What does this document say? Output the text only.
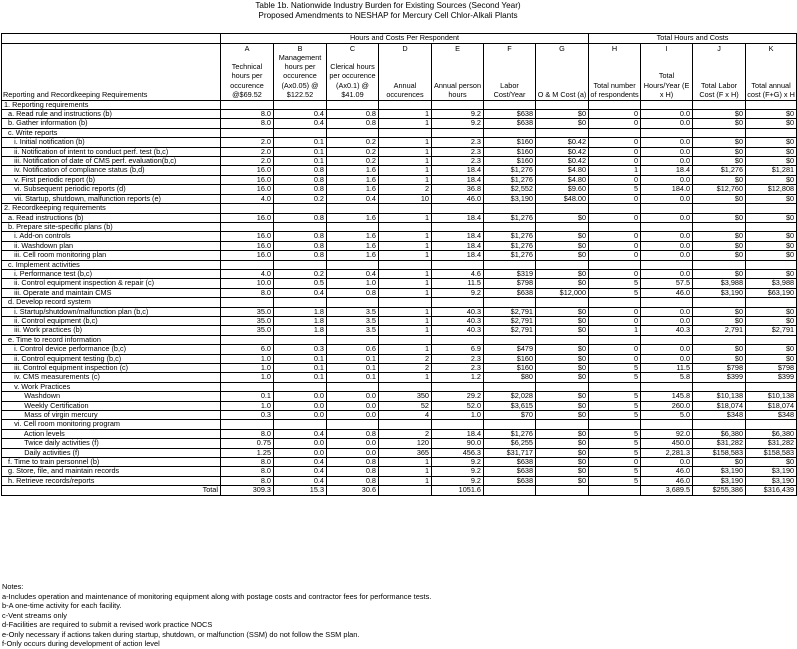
Table 1b. Nationwide Industry Burden for Existing Sources (Second Year)
Proposed Amendments to NESHAP for Mercury Cell Chlor-Alkali Plants
	Hours and Costs Per Respondent							Total Hours and Costs			
	A	B	C	D	E	F	G	H	I	J	K
Reporting and Recordkeeping Requirements	Technical hours per occurence @$69.52	Management hours per occurence (Ax0.05) @ $122.52	Clerical hours per occurence (Ax0.1) @ $41.09	Annual occurences	Annual person hours	Labor Cost/Year	O & M Cost (a)	Total number of respondents	Total Hours/Year (E x H)	Total Labor Cost (F x H)	Total annual cost (F+G) x H
1. Reporting requirements											
a. Read rule and instructions (b)	8.0	0.4	0.8	1	9.2	$638	$0	0	0.0	$0	$0
b. Gather information (b)	8.0	0.4	0.8	1	9.2	$638	$0	0	0.0	$0	$0
c. Write reports											
i. Initial notification (b)	2.0	0.1	0.2	1	2.3	$160	$0.42	0	0.0	$0	$0
ii. Notification of intent to conduct perf. test (b,c)	2.0	0.1	0.2	1	2.3	$160	$0.42	0	0.0	$0	$0
iii. Notification of date of CMS perf. evaluation(b,c)	2.0	0.1	0.2	1	2.3	$160	$0.42	0	0.0	$0	$0
iv. Notification of compliance status (b,d)	16.0	0.8	1.6	1	18.4	$1,276	$4.80	1	18.4	$1,276	$1,281
v. First periodic report (b)	16.0	0.8	1.6	1	18.4	$1,276	$4.80	0	0.0	$0	$0
vi. Subsequent periodic reports (d)	16.0	0.8	1.6	2	36.8	$2,552	$9.60	5	184.0	$12,760	$12,808
vii. Startup, shutdown, malfunction reports (e)	4.0	0.2	0.4	10	46.0	$3,190	$48.00	0	0.0	$0	$0
2. Recordkeeping requirements											
a. Read instructions (b)	16.0	0.8	1.6	1	18.4	$1,276	$0	0	0.0	$0	$0
b. Prepare site-specific plans (b)											
i. Add-on controls	16.0	0.8	1.6	1	18.4	$1,276	$0	0	0.0	$0	$0
ii. Washdown plan	16.0	0.8	1.6	1	18.4	$1,276	$0	0	0.0	$0	$0
iii. Cell room monitoring plan	16.0	0.8	1.6	1	18.4	$1,276	$0	0	0.0	$0	$0
c. Implement activities											
i. Performance test (b,c)	4.0	0.2	0.4	1	4.6	$319	$0	0	0.0	$0	$0
ii. Control equipment inspection & repair (c)	10.0	0.5	1.0	1	11.5	$798	$0	5	57.5	$3,988	$3,988
iii. Operate and maintain CMS	8.0	0.4	0.8	1	9.2	$638	$12,000	5	46.0	$3,190	$63,190
d. Develop record system											
i. Startup/shutdown/malfunction plan (b,c)	35.0	1.8	3.5	1	40.3	$2,791	$0	0	0.0	$0	$0
ii. Control equipment (b,c)	35.0	1.8	3.5	1	40.3	$2,791	$0	0	0.0	$0	$0
iii. Work practices (b)	35.0	1.8	3.5	1	40.3	$2,791	$0	1	40.3	2,791	$2,791
e. Time to record information											
i. Control device performance (b,c)	6.0	0.3	0.6	1	6.9	$479	$0	0	0.0	$0	$0
ii. Control equipment testing (b,c)	1.0	0.1	0.1	2	2.3	$160	$0	0	0.0	$0	$0
iii. Control equipment inspection (c)	1.0	0.1	0.1	2	2.3	$160	$0	5	11.5	$798	$798
iv. CMS measurements (c)	1.0	0.1	0.1	1	1.2	$80	$0	5	5.8	$399	$399
v. Work Practices											
Washdown	0.1	0.0	0.0	350	29.2	$2,028	$0	5	145.8	$10,138	$10,138
Weekly Certification	1.0	0.0	0.0	52	52.0	$3,615	$0	5	260.0	$18,074	$18,074
Mass of virgin mercury	0.3	0.0	0.0	4	1.0	$70	$0	5	5.0	$348	$348
vi. Cell room monitoring program											
Action levels	8.0	0.4	0.8	2	18.4	$1,276	$0	5	92.0	$6,380	$6,380
Twice daily activities (f)	0.75	0.0	0.0	120	90.0	$6,255	$0	5	450.0	$31,282	$31,282
Daily activities (f)	1.25	0.0	0.0	365	456.3	$31,717	$0	5	2,281.3	$158,583	$158,583
f. Time to train personnel (b)	8.0	0.4	0.8	1	9.2	$638	$0	0	0.0	$0	$0
g. Store, file, and maintain records	8.0	0.4	0.8	1	9.2	$638	$0	5	46.0	$3,190	$3,190
h. Retrieve records/reports	8.0	0.4	0.8	1	9.2	$638	$0	5	46.0	$3,190	$3,190
Total	309.3	15.3	30.6		1051.6				3,689.5	$255,386	$316,439
Notes:
a-Includes operation and maintenance of monitoring equipment along with postage costs and contractor fees for performance tests.
b-A one-time activity for each facility.
c-Vent streams only
d-Facilities are required to submit a revised work practice NOCS
e-Only necessary if actions taken during startup, shutdown, or malfunction (SSM) do not follow the SSM plan.
f-Only occurs during development of action level
